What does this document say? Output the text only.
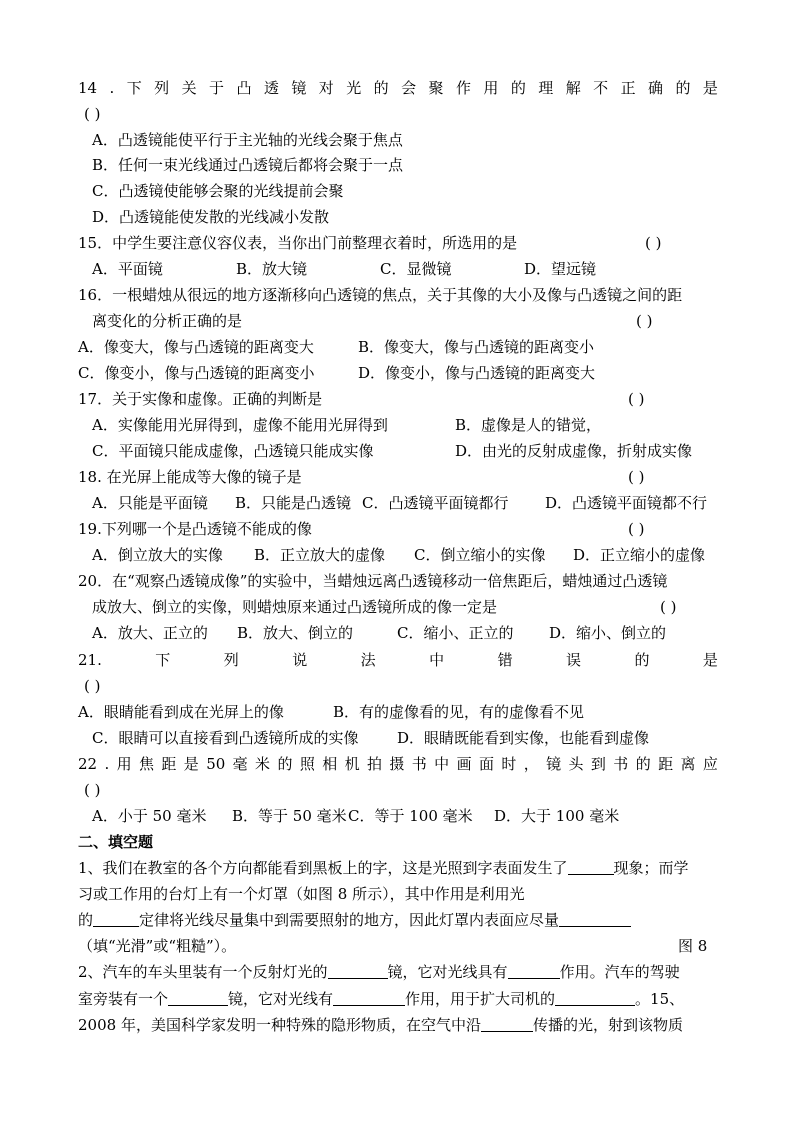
14 . 下 列 关 于 凸 透 镜 对 光 的 会 聚 作 用 的 理 解 不 正 确 的 是
( )
A．凸透镜能使平行于主光轴的光线会聚于焦点
B．任何一束光线通过凸透镜后都将会聚于一点
C．凸透镜使能够会聚的光线提前会聚
D．凸透镜能使发散的光线减小发散
15．中学生要注意仪容仪表，当你出门前整理衣着时，所选用的是	( )
A．平面镜	B．放大镜	C．显微镜	D．望远镜
16．一根蜡烛从很远的地方逐渐移向凸透镜的焦点，关于其像的大小及像与凸透镜之间的距
离变化的分析正确的是	( )
A．像变大，像与凸透镜的距离变大	B．像变大，像与凸透镜的距离变小
C．像变小，像与凸透镜的距离变小	D．像变小，像与凸透镜的距离变大
17．关于实像和虚像。正确的判断是	( )
A．实像能用光屏得到，虚像不能用光屏得到	B．虚像是人的错觉，
C．平面镜只能成虚像，凸透镜只能成实像	D．由光的反射成虚像，折射成实像
18. 在光屏上能成等大像的镜子是	( )
A．只能是平面镜 B．只能是凸透镜 C．凸透镜平面镜都行 D．凸透镜平面镜都不行
19.下列哪一个是凸透镜不能成的像	( )
A．倒立放大的实像 B．正立放大的虚像 C．倒立缩小的实像 D．正立缩小的虚像
20．在“观察凸透镜成像”的实验中，当蜡烛远离凸透镜移动一倍焦距后，蜡烛通过凸透镜
成放大、倒立的实像，则蜡烛原来通过凸透镜所成的像一定是	( )
A．放大、正立的 B．放大、倒立的	C．缩小、正立的 D．缩小、倒立的
21.	下	列	说	法	中	错	误	的	是
( )
A．眼睛能看到成在光屏上的像	B．有的虚像看的见，有的虚像看不见
C．眼睛可以直接看到凸透镜所成的实像	D．眼睛既能看到实像，也能看到虚像
22 . 用 焦 距 是 50 毫 米 的 照 相 机 拍 摄 书 中 画 面 时 ， 镜 头 到 书 的 距 离 应
( )
A．小于 50 毫米 B．等于 50 毫米 C．等于 100 毫米 D．大于 100 毫米
二、填空题
1、我们在教室的各个方向都能看到黑板上的字，这是光照到字表面发生了	现象；而学
习或工作用的台灯上有一个灯罩（如图 8 所示），其中作用是利用光
的	定律将光线尽量集中到需要照射的地方，因此灯罩内表面应尽量
（填“光滑”或“粗糙”）。	图 8
2、汽车的车头里装有一个反射灯光的	镜，它对光线具有	作用。汽车的驾驶
室旁装有一个	镜，它对光线有	作用，用于扩大司机的	。15、
2008 年，美国科学家发明一种特殊的隐形物质，在空气中沿	传播的光，射到该物质
